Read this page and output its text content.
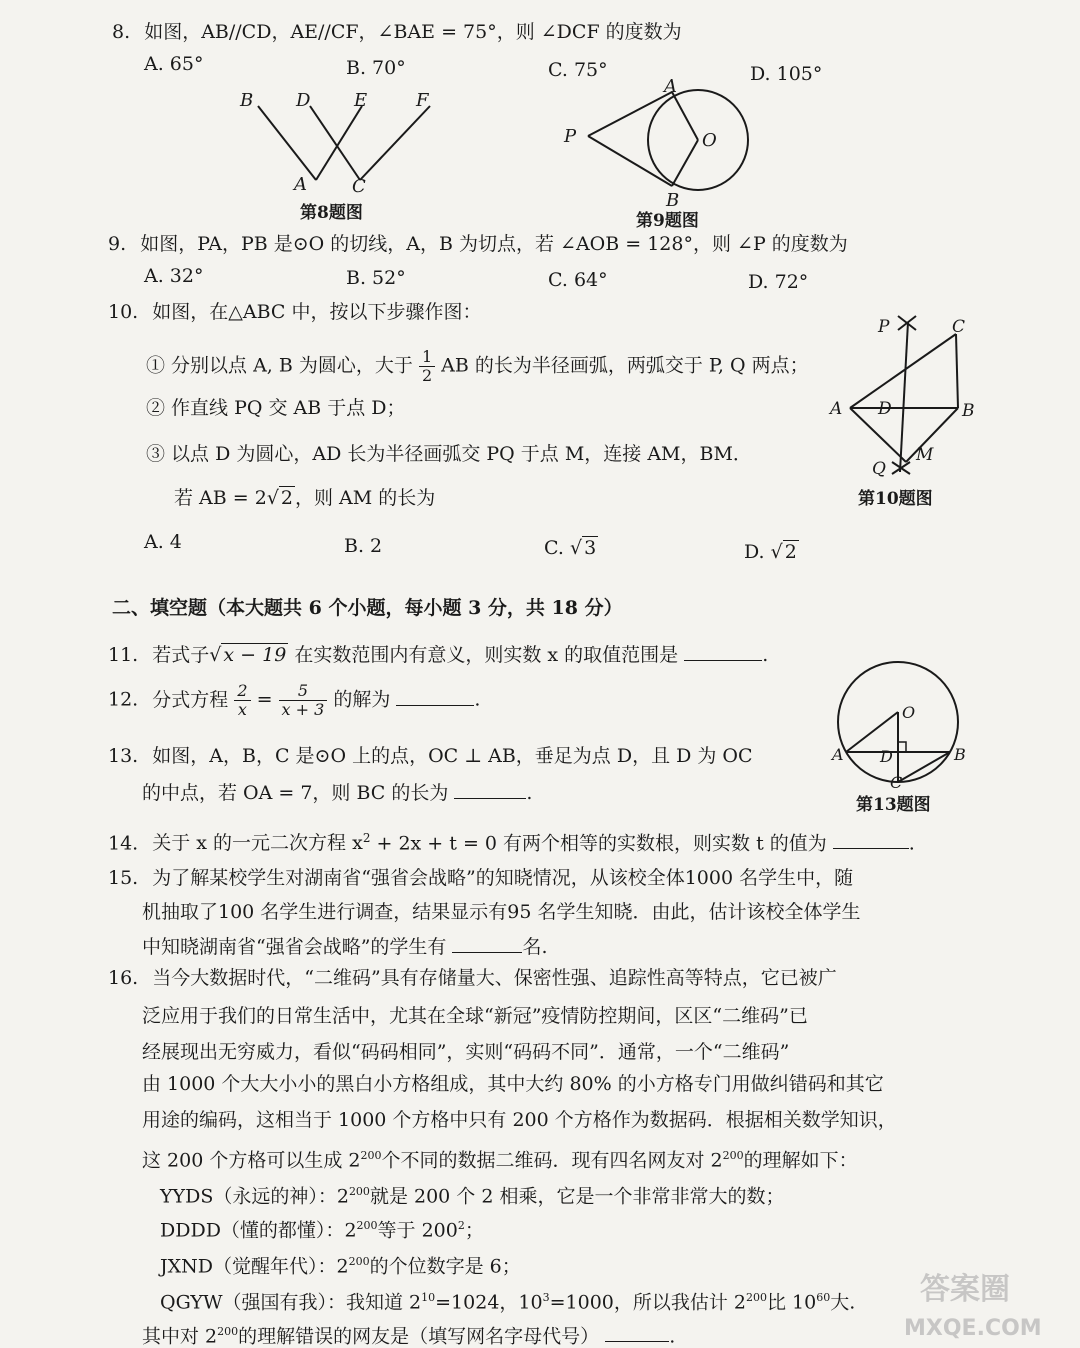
8. 如图，AB//CD，AE//CF，∠BAE = 75°，则 ∠DCF 的度数为
A. 65°	B. 70°	C. 75°	D. 105°
B D E	F
A	C
第8题图
A
P	O
B
第9题图
9. 如图，PA，PB 是⊙O 的切线，A，B 为切点，若 ∠AOB = 128°，则 ∠P 的度数为
A. 32°	B. 52°	C. 64°	D. 72°
10. 如图，在△ABC 中，按以下步骤作图：
① 分别以点 A, B 为圆心，大于 $\frac{1}{2}$ AB 的长为半径画弧，两弧交于 P, Q 两点；
② 作直线 PQ 交 AB 于点 D；
③ 以点 D 为圆心，AD 长为半径画弧交 PQ 于点 M，连接 AM，BM．
若 AB = 2√ 2 ，则 AM 的长为
A. 4	B. 2	C. √ 3	D. √ 2
P	C
A D	B
Q
M
第10题图
二、填空题（本大题共 6 个小题，每小题 3 分，共 18 分）
11. 若式子√ x − 19 在实数范围内有意义，则实数 x 的取值范围是	.
12. 分式方程 $\frac{2}{x} = \frac{5}{x + 3}$ 的解为	.
O
A D	B
C
第13题图
13. 如图，A，B，C 是⊙O 上的点，OC ⊥ AB，垂足为点 D，且 D 为 OC
的中点，若 OA = 7，则 BC 的长为	.
14. 关于 x 的一元二次方程 $x^2 + 2x + t = 0$ 有两个相等的实数根，则实数 t 的值为	.
15. 为了解某校学生对湖南省“强省会战略”的知晓情况，从该校全体1000 名学生中，随
机抽取了100 名学生进行调查，结果显示有95 名学生知晓．由此，估计该校全体学生
中知晓湖南省“强省会战略”的学生有	名.
16. 当今大数据时代，“二维码”具有存储量大、保密性强、追踪性高等特点，它已被广
泛应用于我们的日常生活中，尤其在全球“新冠”疫情防控期间，区区“二维码”已
经展现出无穷威力，看似“码码相同”，实则“码码不同”．通常，一个“二维码”
由 1000 个大大小小的黑白小方格组成，其中大约 80% 的小方格专门用做纠错码和其它
用途的编码，这相当于 1000 个方格中只有 200 个方格作为数据码．根据相关数学知识，
这 200 个方格可以生成 $2^{200}$个不同的数据二维码．现有四名网友对 $2^{200}$的理解如下：
YYDS（永远的神）：$2^{200}$就是 200 个 2 相乘，它是一个非常非常大的数；
DDDD（懂的都懂）：$2^{200}$等于 $200^2$；
JXND（觉醒年代）：$2^{200}$的个位数字是 6；
QGYW（强国有我）：我知道 $2^{10}=1024$，$10^3=1000$，所以我估计 $2^{200}$比 $10^{60}$大.
其中对 $2^{200}$的理解错误的网友是（填写网名字母代号）	.
答案圈
MXQE.COM
